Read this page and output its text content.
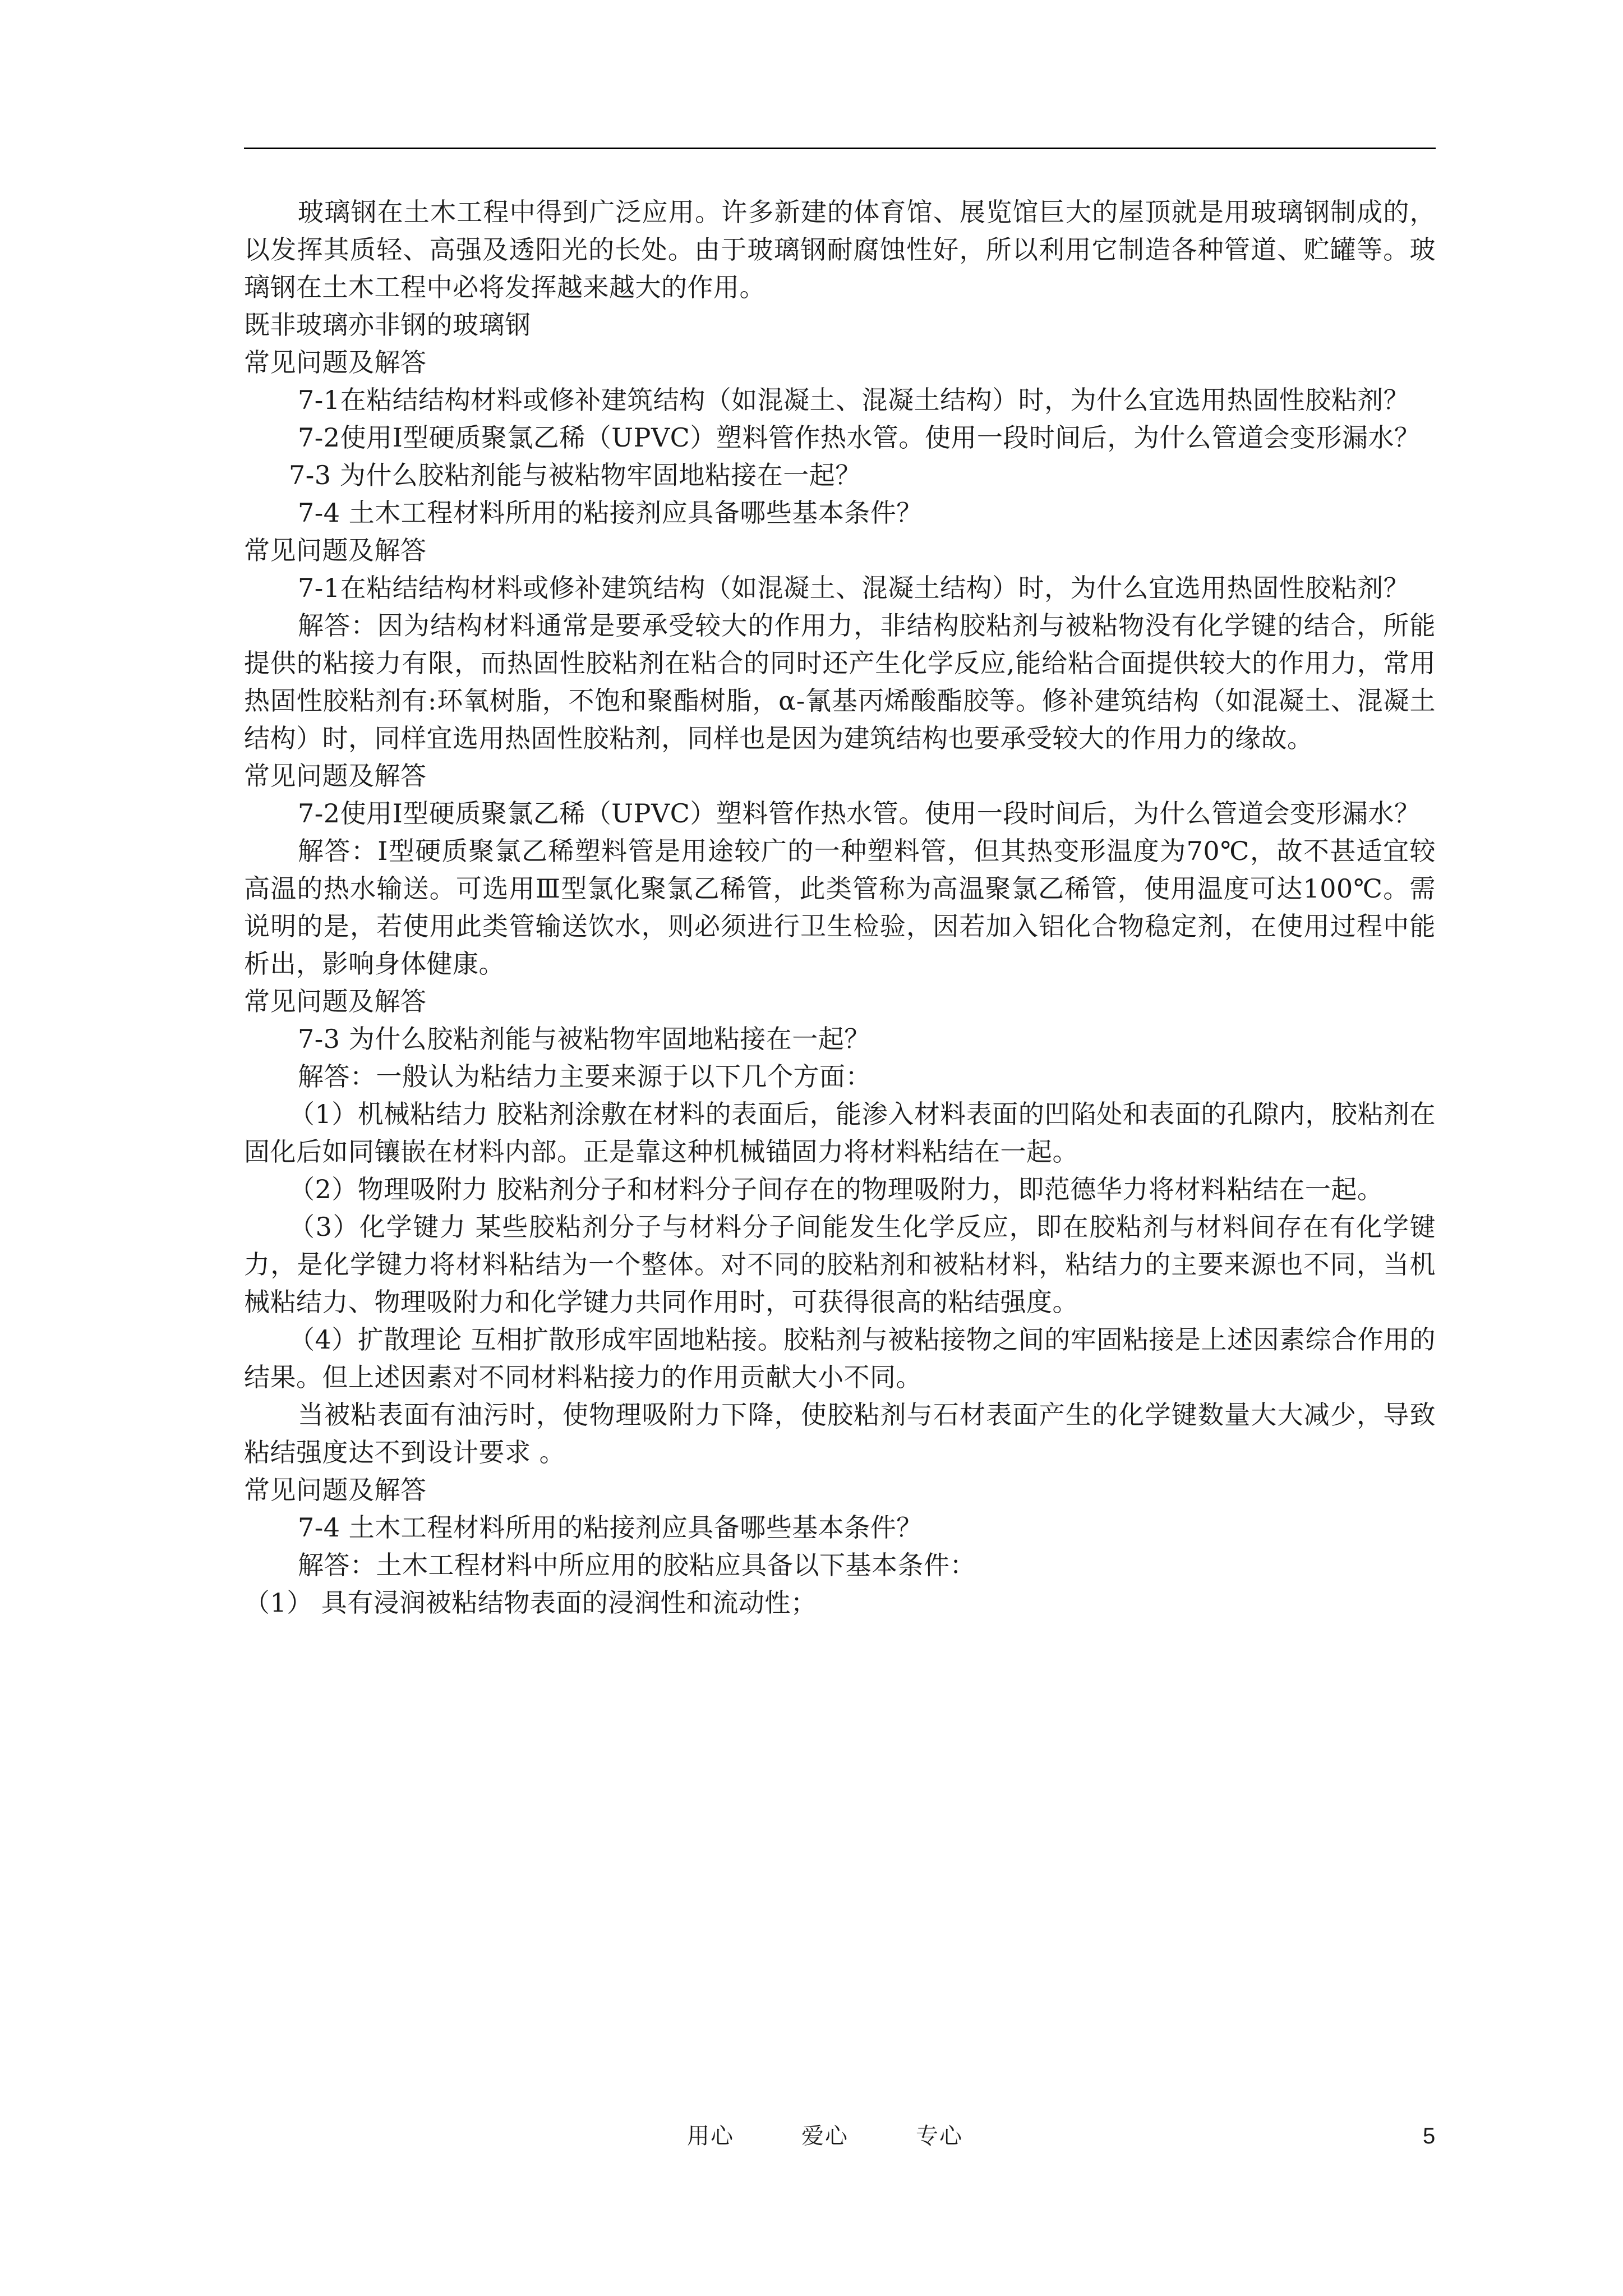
玻璃钢在土木工程中得到广泛应用。许多新建的体育馆、展览馆巨大的屋顶就是用玻璃钢制成的，以发挥其质轻、高强及透阳光的长处。由于玻璃钢耐腐蚀性好，所以利用它制造各种管道、贮罐等。玻璃钢在土木工程中必将发挥越来越大的作用。

既非玻璃亦非钢的玻璃钢

常见问题及解答

7-1在粘结结构材料或修补建筑结构（如混凝土、混凝土结构）时，为什么宜选用热固性胶粘剂？

7-2使用Ⅰ型硬质聚氯乙稀（UPVC）塑料管作热水管。使用一段时间后，为什么管道会变形漏水？

7-3 为什么胶粘剂能与被粘物牢固地粘接在一起？

7-4 土木工程材料所用的粘接剂应具备哪些基本条件？

常见问题及解答

7-1在粘结结构材料或修补建筑结构（如混凝土、混凝土结构）时，为什么宜选用热固性胶粘剂？

解答：因为结构材料通常是要承受较大的作用力，非结构胶粘剂与被粘物没有化学键的结合，所能提供的粘接力有限，而热固性胶粘剂在粘合的同时还产生化学反应,能给粘合面提供较大的作用力，常用热固性胶粘剂有:环氧树脂，不饱和聚酯树脂，α-氰基丙烯酸酯胶等。修补建筑结构（如混凝土、混凝土结构）时，同样宜选用热固性胶粘剂，同样也是因为建筑结构也要承受较大的作用力的缘故。

常见问题及解答

7-2使用Ⅰ型硬质聚氯乙稀（UPVC）塑料管作热水管。使用一段时间后，为什么管道会变形漏水？

解答：Ⅰ型硬质聚氯乙稀塑料管是用途较广的一种塑料管，但其热变形温度为70℃，故不甚适宜较高温的热水输送。可选用Ⅲ型氯化聚氯乙稀管，此类管称为高温聚氯乙稀管，使用温度可达100℃。需说明的是，若使用此类管输送饮水，则必须进行卫生检验，因若加入铝化合物稳定剂，在使用过程中能析出，影响身体健康。

常见问题及解答

7-3 为什么胶粘剂能与被粘物牢固地粘接在一起？

解答：一般认为粘结力主要来源于以下几个方面：

（1）机械粘结力 胶粘剂涂敷在材料的表面后，能渗入材料表面的凹陷处和表面的孔隙内，胶粘剂在固化后如同镶嵌在材料内部。正是靠这种机械锚固力将材料粘结在一起。

（2）物理吸附力 胶粘剂分子和材料分子间存在的物理吸附力，即范德华力将材料粘结在一起。

（3）化学键力 某些胶粘剂分子与材料分子间能发生化学反应，即在胶粘剂与材料间存在有化学键力，是化学键力将材料粘结为一个整体。对不同的胶粘剂和被粘材料，粘结力的主要来源也不同，当机械粘结力、物理吸附力和化学键力共同作用时，可获得很高的粘结强度。

（4）扩散理论 互相扩散形成牢固地粘接。胶粘剂与被粘接物之间的牢固粘接是上述因素综合作用的结果。但上述因素对不同材料粘接力的作用贡献大小不同。

当被粘表面有油污时，使物理吸附力下降，使胶粘剂与石材表面产生的化学键数量大大减少，导致粘结强度达不到设计要求 。

常见问题及解答

7-4 土木工程材料所用的粘接剂应具备哪些基本条件？

解答：土木工程材料中所应用的胶粘应具备以下基本条件：

（1） 具有浸润被粘结物表面的浸润性和流动性；

用心	爱心	专心	5
